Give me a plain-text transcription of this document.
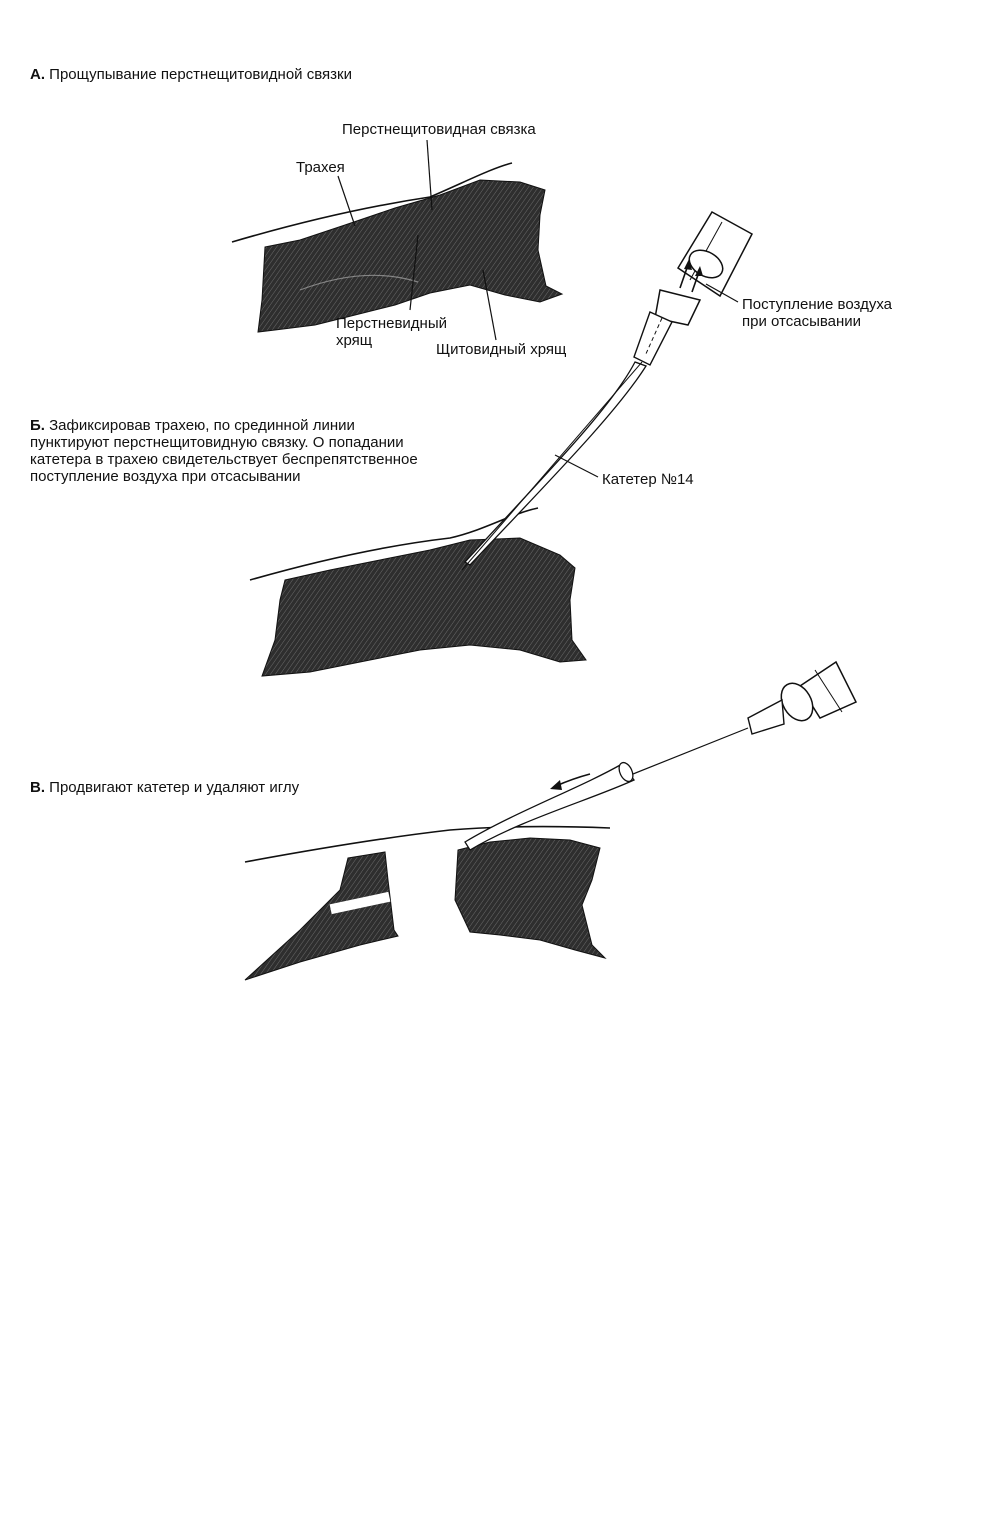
А. Прощупывание перстнещитовидной связки
Б. Зафиксировав трахею, по срединной линии
пунктируют перстнещитовидную связку. О попадании
катетера в трахею свидетельствует беспрепятственное
поступление воздуха при отсасывании
В. Продвигают катетер и удаляют иглу
Перстнещитовидная связка
Трахея
Перстневидный
хрящ
Щитовидный хрящ
Поступление воздуха
при отсасывании
Катетер №14
